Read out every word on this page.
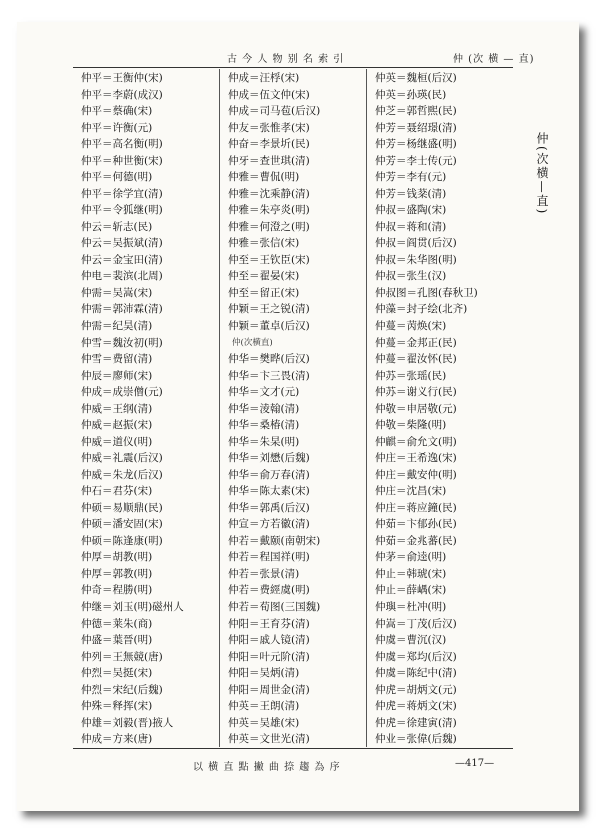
古 今 人 物 别 名 索 引	仲 (次 横 — 直)
仲平＝王衡仲(宋)
仲平＝李蔚(成汉)
仲平＝蔡确(宋)
仲平＝许衡(元)
仲平＝高名衡(明)
仲平＝种世衡(宋)
仲平＝何德(明)
仲平＝徐学宜(清)
仲平＝令狐继(明)
仲云＝斩志(民)
仲云＝吴振斌(清)
仲云＝金宝田(清)
仲电＝裴滨(北周)
仲需＝吴嵩(宋)
仲需＝郭沛霖(清)
仲需＝纪昊(清)
仲雪＝魏汝初(明)
仲雪＝费留(清)
仲辰＝廖师(宋)
仲成＝成崇僧(元)
仲威＝王纲(清)
仲威＝赵振(宋)
仲威＝道仪(明)
仲威＝礼震(后汉)
仲威＝朱龙(后汉)
仲石＝君芬(宋)
仲硕＝易顺鼎(民)
仲硕＝潘安固(宋)
仲硕＝陈逢康(明)
仲厚＝胡教(明)
仲厚＝郭教(明)
仲奇＝程勝(明)
仲继＝刘玉(明)磁州人
仲德＝莱朱(商)
仲盛＝葉晉(明)
仲列＝王無競(唐)
仲烈＝吴挺(宋)
仲烈＝宋纪(后魏)
仲殊＝释挥(宋)
仲雄＝刘毅(晋)掖人
仲成＝方来(唐)
仲成＝汪桴(宋)
仲成＝伍文仲(宋)
仲成＝司马苞(后汉)
仲友＝张惟孝(宋)
仲奋＝李景圻(民)
仲牙＝查世琪(清)
仲雅＝曹侃(明)
仲雅＝沈乘静(清)
仲雅＝朱亭炎(明)
仲雅＝何澄之(明)
仲雅＝张信(宋)
仲至＝王钦臣(宋)
仲至＝翟晏(宋)
仲至＝留正(宋)
仲颖＝王之锐(清)
仲颖＝董卓(后汉)
仲(次横直)
仲华＝樊晔(后汉)
仲华＝卞三畏(清)
仲华＝文才(元)
仲华＝淩翰(清)
仲华＝桑椿(清)
仲华＝朱杲(明)
仲华＝刘懋(后魏)
仲华＝俞万春(清)
仲华＝陈太素(宋)
仲华＝郭禹(后汉)
仲宣＝方若徽(清)
仲若＝戴颐(南朝宋)
仲若＝程国祥(明)
仲若＝张景(清)
仲若＝费經虞(明)
仲若＝荀图(三国魏)
仲阳＝王育芬(清)
仲阳＝戚人镜(清)
仲阳＝叶元阶(清)
仲阳＝吴炳(清)
仲阳＝周世金(清)
仲英＝王朗(清)
仲英＝吴雄(宋)
仲英＝文世光(清)
仲英＝魏桓(后汉)
仲英＝孙瑛(民)
仲芝＝郭哲熙(民)
仲芳＝聂绍璟(清)
仲芳＝杨继盛(明)
仲芳＝李士传(元)
仲芳＝李有(元)
仲芳＝钱棻(清)
仲叔＝盛陶(宋)
仲叔＝蒋和(清)
仲叔＝阎贯(后汉)
仲叔＝朱华图(明)
仲叔＝张生(汉)
仲叔图＝孔图(春秋卫)
仲藻＝封子绘(北齐)
仲蔓＝苪焕(宋)
仲蔓＝金邦正(民)
仲蔓＝翟汝怀(民)
仲苏＝张瑶(民)
仲苏＝谢义行(民)
仲敬＝申居敬(元)
仲敬＝柴隆(明)
仲麒＝俞允文(明)
仲庄＝王希逸(宋)
仲庄＝戴安仲(明)
仲庄＝沈昌(宋)
仲庄＝蒋应鐘(民)
仲茹＝卞郁孙(民)
仲茹＝金兆蕃(民)
仲茅＝俞逵(明)
仲止＝韩琥(宋)
仲止＝薛嵎(宋)
仲璵＝杜冲(明)
仲嵩＝丁茂(后汉)
仲虞＝曹沉(汉)
仲虞＝郑均(后汉)
仲虞＝陈纪中(清)
仲虎＝胡炳文(元)
仲虎＝蒋炳文(宋)
仲虎＝徐建寅(清)
仲业＝张偉(后魏)
仲(次横—直)
以 横 直 點 撇 曲 捺 趨 為 序	—417—
